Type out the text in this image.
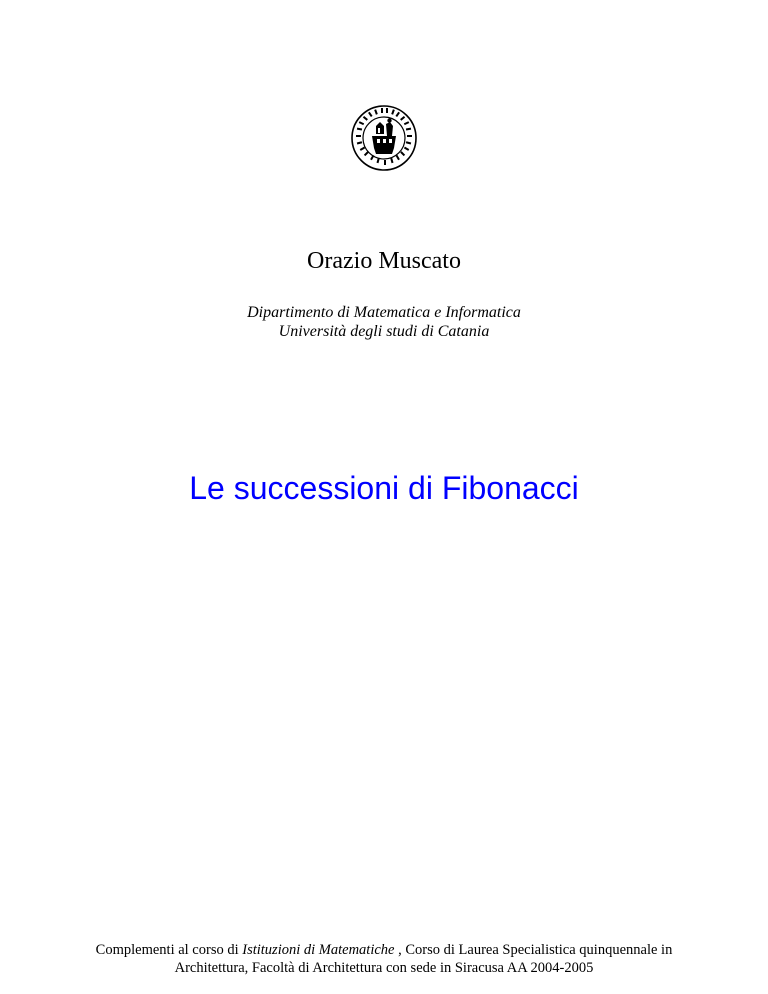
Orazio Muscato
Dipartimento di Matematica e Informatica
Università degli studi di Catania
Le successioni di Fibonacci
Complementi al corso di Istituzioni di Matematiche , Corso di Laurea Specialistica quinquennale in
Architettura, Facoltà di Architettura con sede in Siracusa AA 2004-2005
